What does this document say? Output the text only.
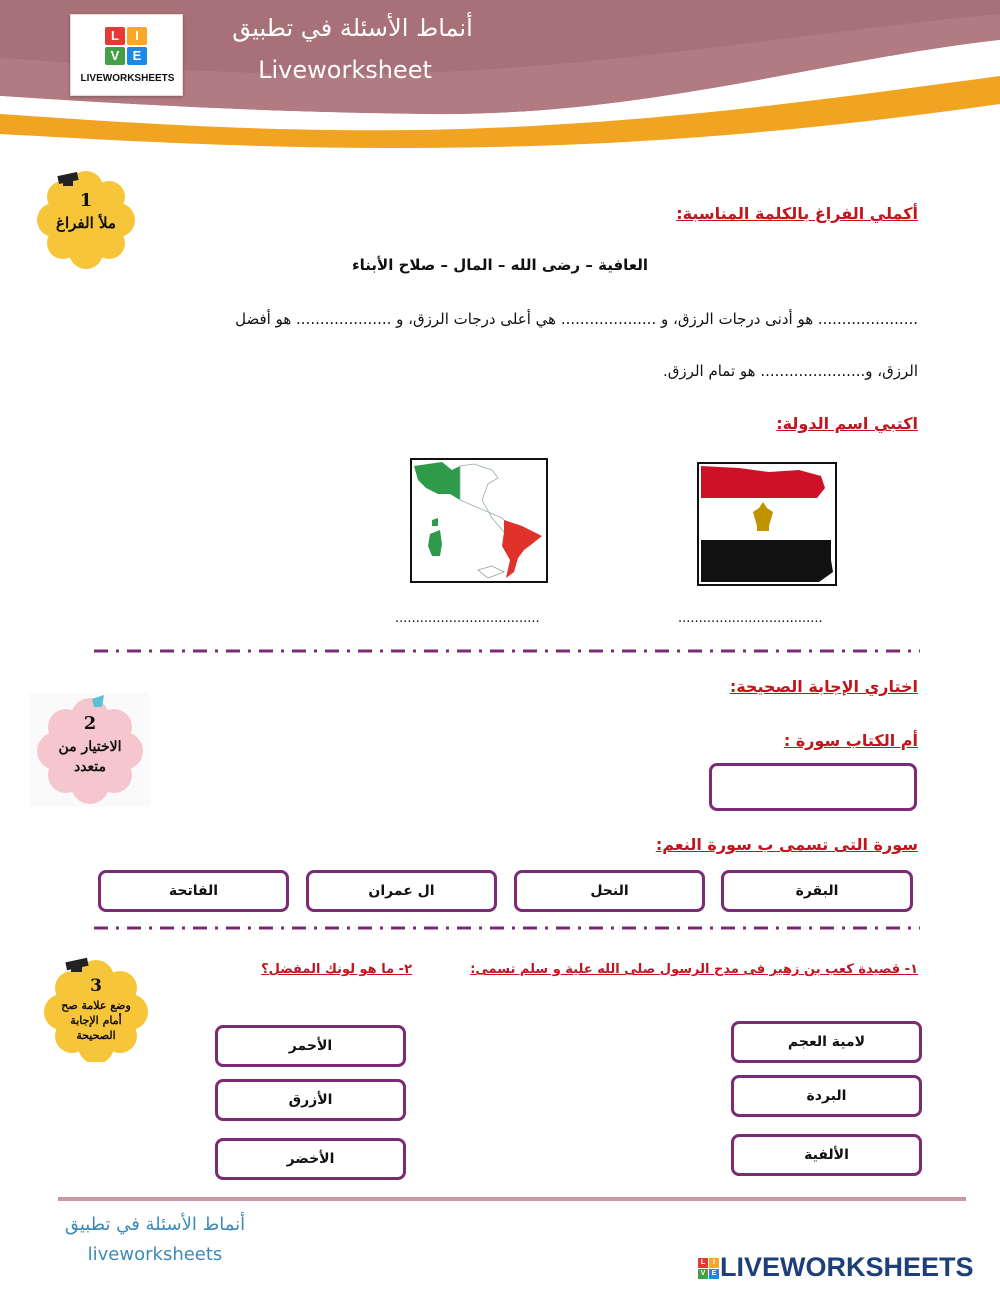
L	I
V	E
LIVEWORKSHEETS
أنماط الأسئلة في تطبيق
Liveworksheet
1
ملأ الفراغ	أكملي الفراغ بالكلمة المناسبة:
العافية – رضى الله – المال – صلاح الأبناء
..................... هو أدنى درجات الرزق، و .................... هي أعلى درجات الرزق، و .................... هو أفضل
الرزق، و...................... هو تمام الرزق.
اكتبي اسم الدولة:
...................................	...................................
2
الاختيار من متعدد
اختاري الإجابة الصحيحة:
أم الكتاب سورة :
سورة التى تسمى ب سورة النعم:
البقرة
النحل
ال عمران
الفاتحة
3
وضع علامة صح أمام الإجابة الصحيحة
١- قصيدة كعب بن زهير فى مدح الرسول صلى الله علية و سلم تسمى:
٢- ما هو لونك المفضل؟
لامية العجم
البردة
الألفية
الأحمر
الأزرق
الأخضر
أنماط الأسئلة في تطبيق
liveworksheets	L	I
V E LIVEWORKSHEETS
